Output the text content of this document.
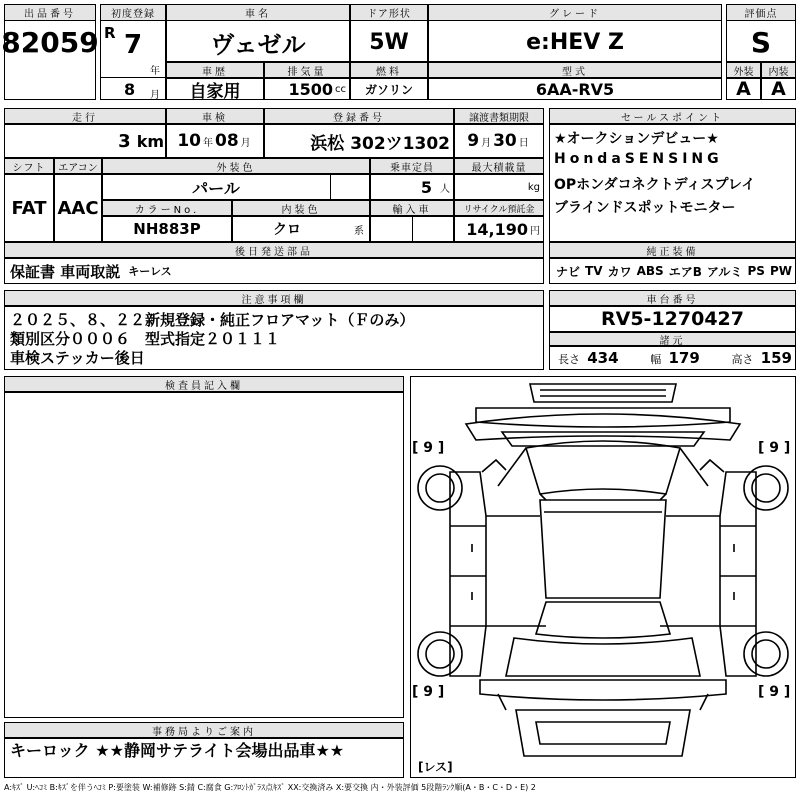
出品番号
82059
初度登録
R 7
年
8 月
車名
ヴェゼル
ドア形状
5W
グレード
e:HEV Z
評価点
S
車歴
自家用
排気量
1500 cc
燃料
ガソリン
型式
6AA-RV5
外装	内装
A	A
走行
3 km
車検
10 年 08 月
登録番号
浜松 302ツ1302
譲渡書類期限
9 月 30 日
セールスポイント
★オークションデビュー★
HondaSENSING
OPホンダコネクトディスプレイ
ブラインドスポットモニター
シフト	エアコン
FAT AAC
外装色
パール
乗車定員
5 人
最大積載量
kg
カラーNo.	内装色	輸入車	リサイクル預託金
NH883P	クロ	系	14,190 円
後日発送部品
保証書 車両取説 キーレス
純正装備
ナビ TV カワ ABS エアB アルミ PS PW
注意事項欄
２０２５、８、２２新規登録・純正フロアマット（Ｆのみ）
類別区分０００６　型式指定２０１１１
車検ステッカー後日
車台番号
RV5-1270427
諸元
長さ 434	幅 179	高さ 159
検査員記入欄
[ 9 ]	[ 9 ]
[ 9 ]	[ 9 ]
[レス]
事務局よりご案内
キーロック ★★静岡サテライト会場出品車★★
A:ｷｽﾞ U:ﾍｺﾐ B:ｷｽﾞを伴うﾍｺﾐ P:要塗装 W:補修跡 S:錆 C:腐食 G:ﾌﾛﾝﾄｶﾞﾗｽ点ｷｽﾞ XX:交換済み X:要交換 内・外装評価 5段階ﾗﾝｸ順(A・B・C・D・E) 2
